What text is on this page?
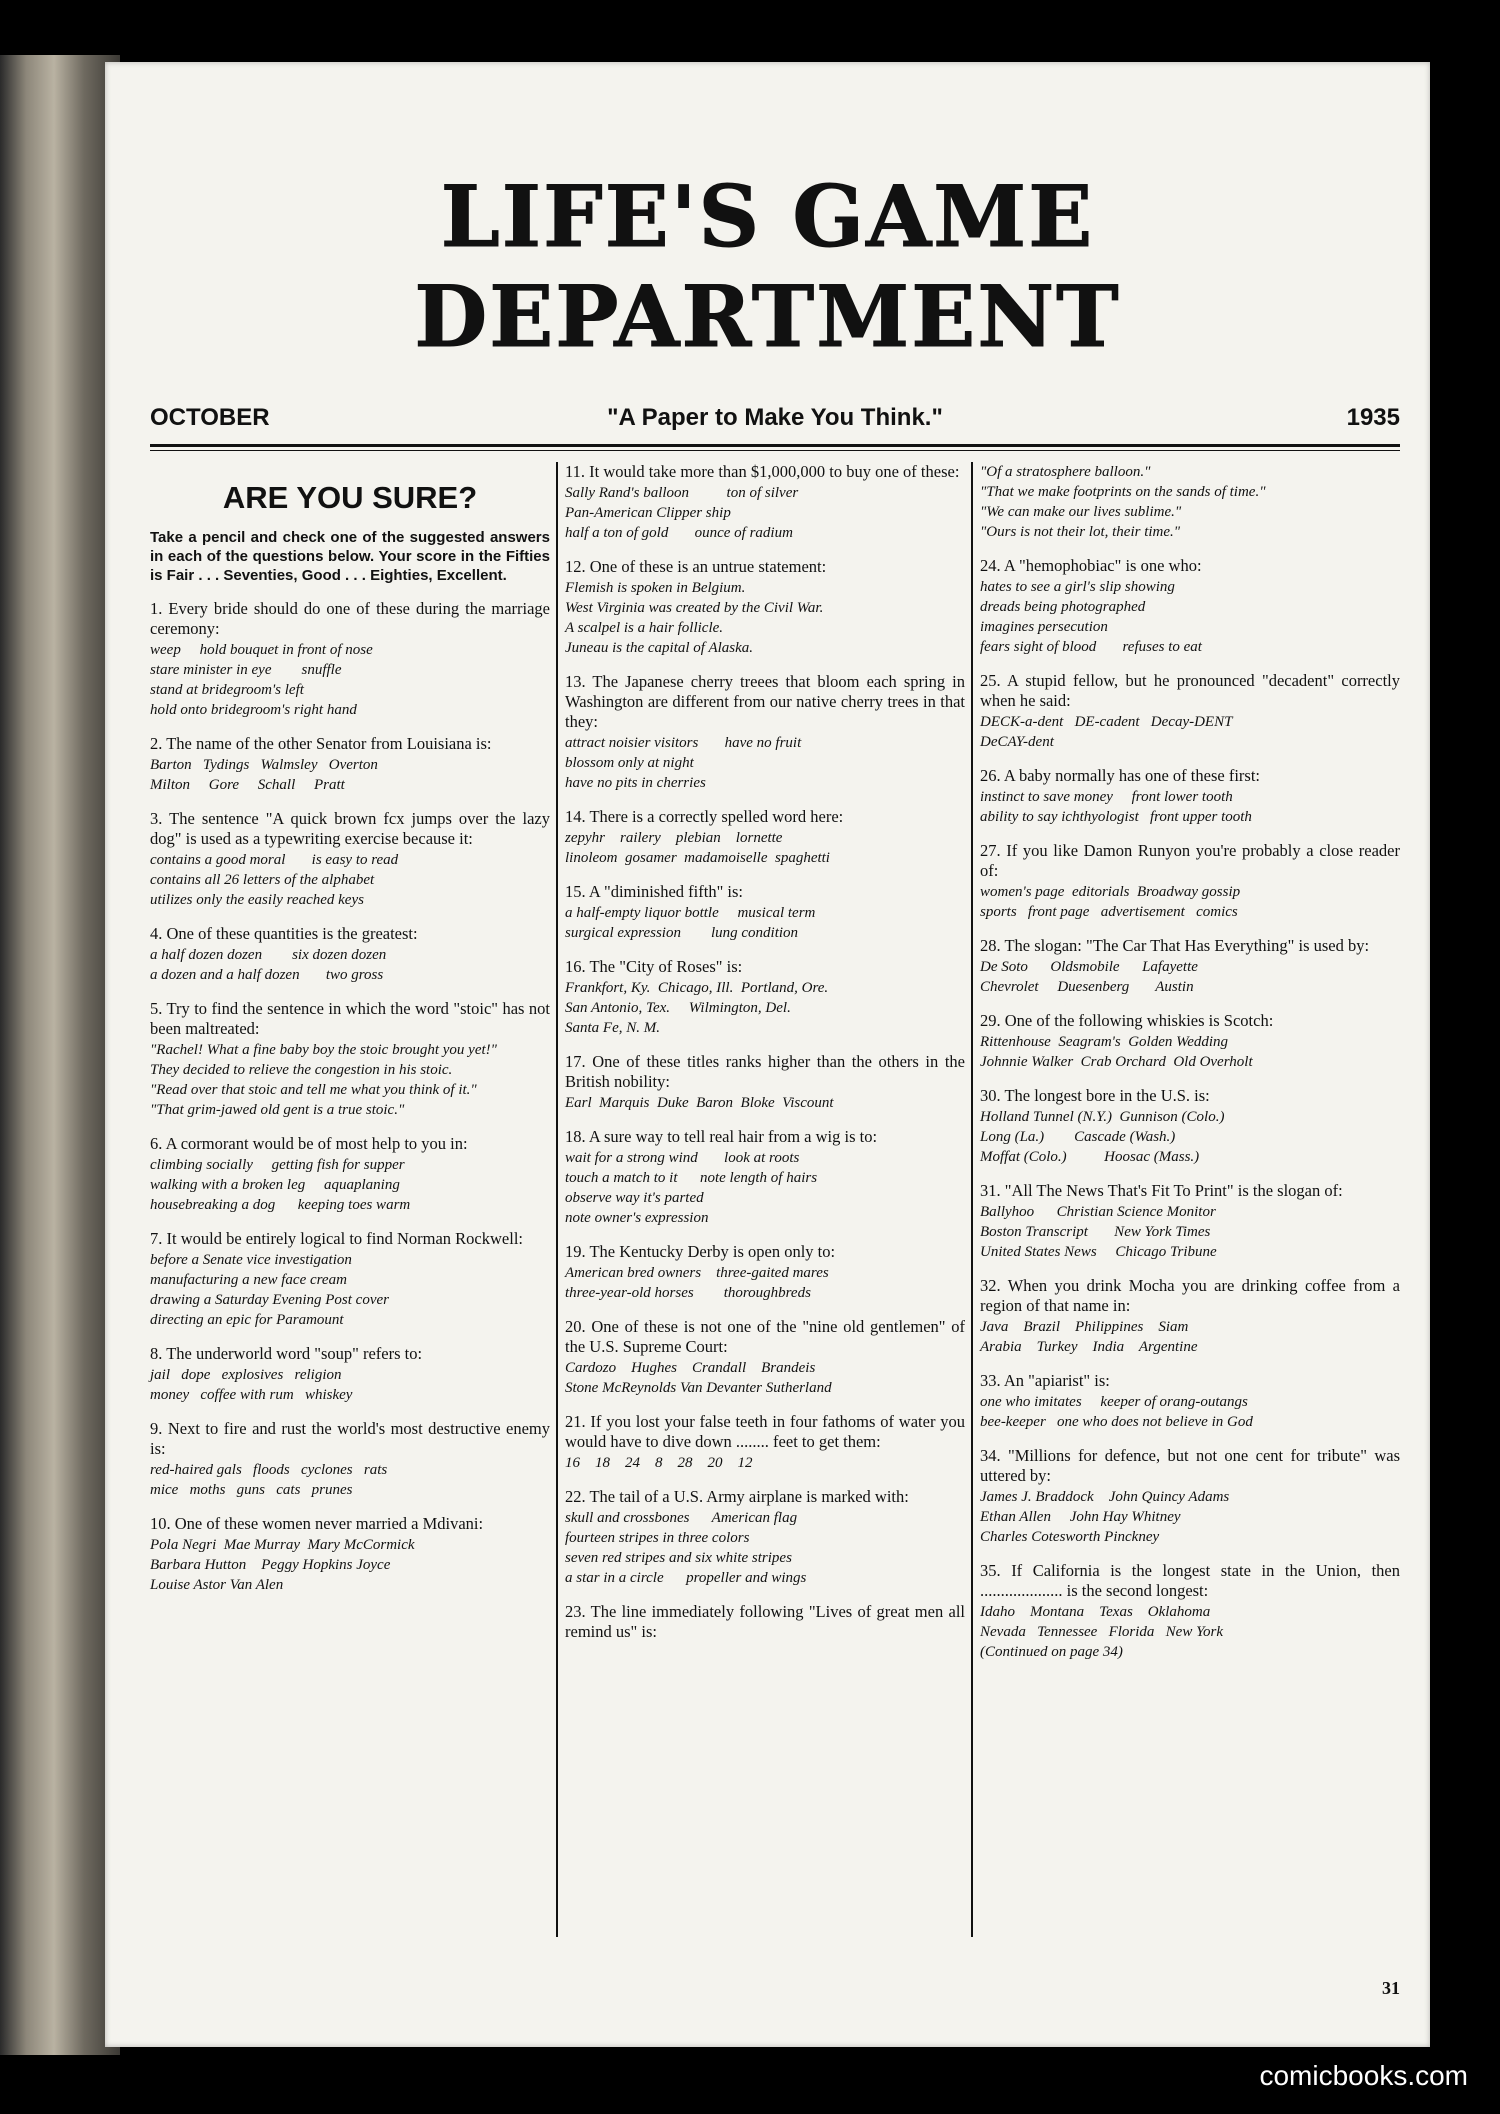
LIFE'S GAME
DEPARTMENT
OCTOBER	"A Paper to Make You Think."	1935
ARE YOU SURE?
Take a pencil and check one of the suggested answers in each of the questions below. Your score in the Fifties is Fair . . . Seventies, Good . . . Eighties, Excellent.
1. Every bride should do one of these during the marriage ceremony:
weep     hold bouquet in front of nose
stare minister in eye        snuffle
stand at bridegroom's left
hold onto bridegroom's right hand
2. The name of the other Senator from Louisiana is:
Barton   Tydings   Walmsley   Overton
Milton     Gore     Schall     Pratt
3. The sentence "A quick brown fcx jumps over the lazy dog" is used as a typewriting exercise because it:
contains a good moral       is easy to read
contains all 26 letters of the alphabet
utilizes only the easily reached keys
4. One of these quantities is the greatest:
a half dozen dozen        six dozen dozen
a dozen and a half dozen       two gross
5. Try to find the sentence in which the word "stoic" has not been maltreated:
"Rachel! What a fine baby boy the stoic brought you yet!"
They decided to relieve the congestion in his stoic.
"Read over that stoic and tell me what you think of it."
"That grim-jawed old gent is a true stoic."
6. A cormorant would be of most help to you in:
climbing socially     getting fish for supper
walking with a broken leg     aquaplaning
housebreaking a dog      keeping toes warm
7. It would be entirely logical to find Norman Rockwell:
before a Senate vice investigation
manufacturing a new face cream
drawing a Saturday Evening Post cover
directing an epic for Paramount
8. The underworld word "soup" refers to:
jail   dope   explosives   religion
money   coffee with rum   whiskey
9. Next to fire and rust the world's most destructive enemy is:
red-haired gals   floods   cyclones   rats
mice   moths   guns   cats   prunes
10. One of these women never married a Mdivani:
Pola Negri  Mae Murray  Mary McCormick
Barbara Hutton    Peggy Hopkins Joyce
Louise Astor Van Alen
11. It would take more than $1,000,000 to buy one of these:
Sally Rand's balloon          ton of silver
Pan-American Clipper ship
half a ton of gold       ounce of radium
12. One of these is an untrue statement:
Flemish is spoken in Belgium.
West Virginia was created by the Civil War.
A scalpel is a hair follicle.
Juneau is the capital of Alaska.
13. The Japanese cherry treees that bloom each spring in Washington are different from our native cherry trees in that they:
attract noisier visitors       have no fruit
blossom only at night
have no pits in cherries
14. There is a correctly spelled word here:
zepyhr    railery    plebian    lornette
linoleom  gosamer  madamoiselle  spaghetti
15. A "diminished fifth" is:
a half-empty liquor bottle     musical term
surgical expression        lung condition
16. The "City of Roses" is:
Frankfort, Ky.  Chicago, Ill.  Portland, Ore.
San Antonio, Tex.     Wilmington, Del.
Santa Fe, N. M.
17. One of these titles ranks higher than the others in the British nobility:
Earl  Marquis  Duke  Baron  Bloke  Viscount
18. A sure way to tell real hair from a wig is to:
wait for a strong wind       look at roots
touch a match to it      note length of hairs
observe way it's parted
note owner's expression
19. The Kentucky Derby is open only to:
American bred owners    three-gaited mares
three-year-old horses        thoroughbreds
20. One of these is not one of the "nine old gentlemen" of the U.S. Supreme Court:
Cardozo    Hughes    Crandall    Brandeis
Stone McReynolds Van Devanter Sutherland
21. If you lost your false teeth in four fathoms of water you would have to dive down ........ feet to get them:
16    18    24    8    28    20    12
22. The tail of a U.S. Army airplane is marked with:
skull and crossbones      American flag
fourteen stripes in three colors
seven red stripes and six white stripes
a star in a circle      propeller and wings
23. The line immediately following "Lives of great men all remind us" is:
"Of a stratosphere balloon."
"That we make footprints on the sands of time."
"We can make our lives sublime."
"Ours is not their lot, their time."
24. A "hemophobiac" is one who:
hates to see a girl's slip showing
dreads being photographed
imagines persecution
fears sight of blood       refuses to eat
25. A stupid fellow, but he pronounced "decadent" correctly when he said:
DECK-a-dent   DE-cadent   Decay-DENT
DeCAY-dent
26. A baby normally has one of these first:
instinct to save money     front lower tooth
ability to say ichthyologist   front upper tooth
27. If you like Damon Runyon you're probably a close reader of:
women's page  editorials  Broadway gossip
sports   front page   advertisement   comics
28. The slogan: "The Car That Has Everything" is used by:
De Soto      Oldsmobile      Lafayette
Chevrolet     Duesenberg       Austin
29. One of the following whiskies is Scotch:
Rittenhouse  Seagram's  Golden Wedding
Johnnie Walker  Crab Orchard  Old Overholt
30. The longest bore in the U.S. is:
Holland Tunnel (N.Y.)  Gunnison (Colo.)
Long (La.)        Cascade (Wash.)
Moffat (Colo.)          Hoosac (Mass.)
31. "All The News That's Fit To Print" is the slogan of:
Ballyhoo      Christian Science Monitor
Boston Transcript       New York Times
United States News     Chicago Tribune
32. When you drink Mocha you are drinking coffee from a region of that name in:
Java    Brazil    Philippines    Siam
Arabia    Turkey    India    Argentine
33. An "apiarist" is:
one who imitates     keeper of orang-outangs
bee-keeper   one who does not believe in God
34. "Millions for defence, but not one cent for tribute" was uttered by:
James J. Braddock    John Quincy Adams
Ethan Allen     John Hay Whitney
Charles Cotesworth Pinckney
35. If California is the longest state in the Union, then .................... is the second longest:
Idaho    Montana    Texas    Oklahoma
Nevada   Tennessee   Florida   New York
(Continued on page 34)
31
comicbooks.com
